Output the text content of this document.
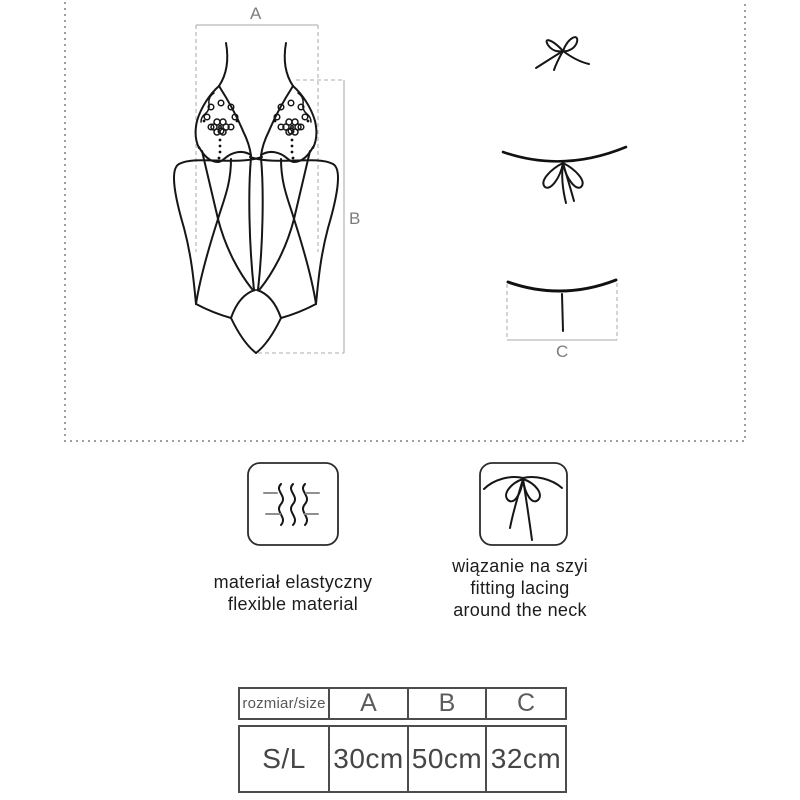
A
B
C
materiał elastyczny
flexible material
wiązanie na szyi
fitting lacing
around the neck
rozmiar/size	A	B	C
S/L 30cm 50cm 32cm
